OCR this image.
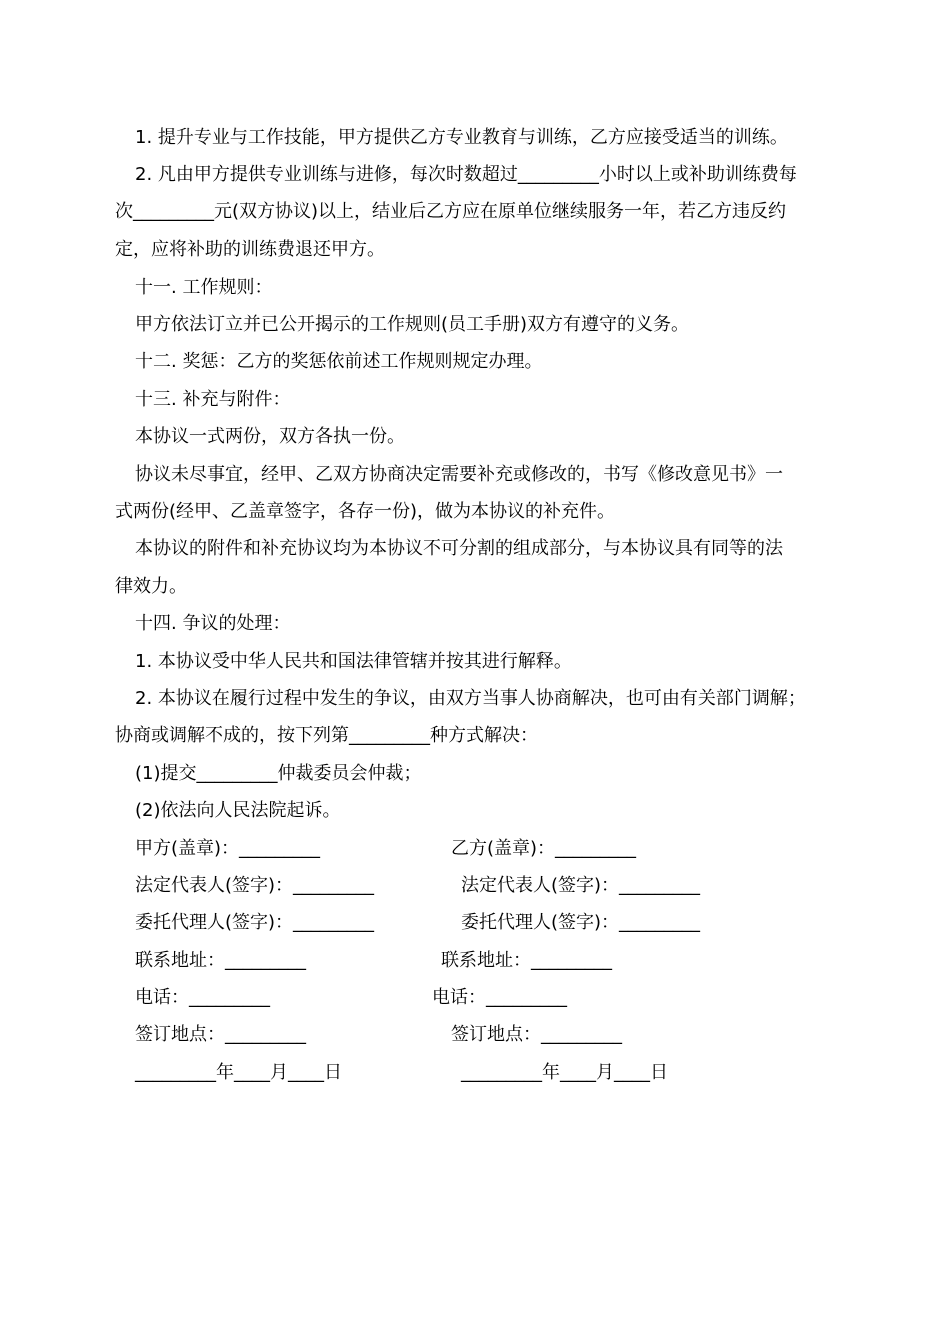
1. 提升专业与工作技能，甲方提供乙方专业教育与训练，乙方应接受适当的训练。
2. 凡由甲方提供专业训练与进修，每次时数超过_________小时以上或补助训练费每
次_________元(双方协议)以上，结业后乙方应在原单位继续服务一年，若乙方违反约
定，应将补助的训练费退还甲方。
十一. 工作规则：
甲方依法订立并已公开揭示的工作规则(员工手册)双方有遵守的义务。
十二. 奖惩：乙方的奖惩依前述工作规则规定办理。
十三. 补充与附件：
本协议一式两份，双方各执一份。
协议未尽事宜，经甲、乙双方协商决定需要补充或修改的，书写《修改意见书》一
式两份(经甲、乙盖章签字，各存一份)，做为本协议的补充件。
本协议的附件和补充协议均为本协议不可分割的组成部分，与本协议具有同等的法
律效力。
十四. 争议的处理：
1. 本协议受中华人民共和国法律管辖并按其进行解释。
2. 本协议在履行过程中发生的争议，由双方当事人协商解决，也可由有关部门调解；
协商或调解不成的，按下列第_________种方式解决：
(1)提交_________仲裁委员会仲裁；
(2)依法向人民法院起诉。
甲方(盖章)：_________
法定代表人(签字)：_________
委托代理人(签字)：_________
联系地址：_________
电话：_________
签订地点：_________
_________年____月____日
乙方(盖章)：_________
法定代表人(签字)：_________
委托代理人(签字)：_________
联系地址：_________
电话：_________
签订地点：_________
_________年____月____日
